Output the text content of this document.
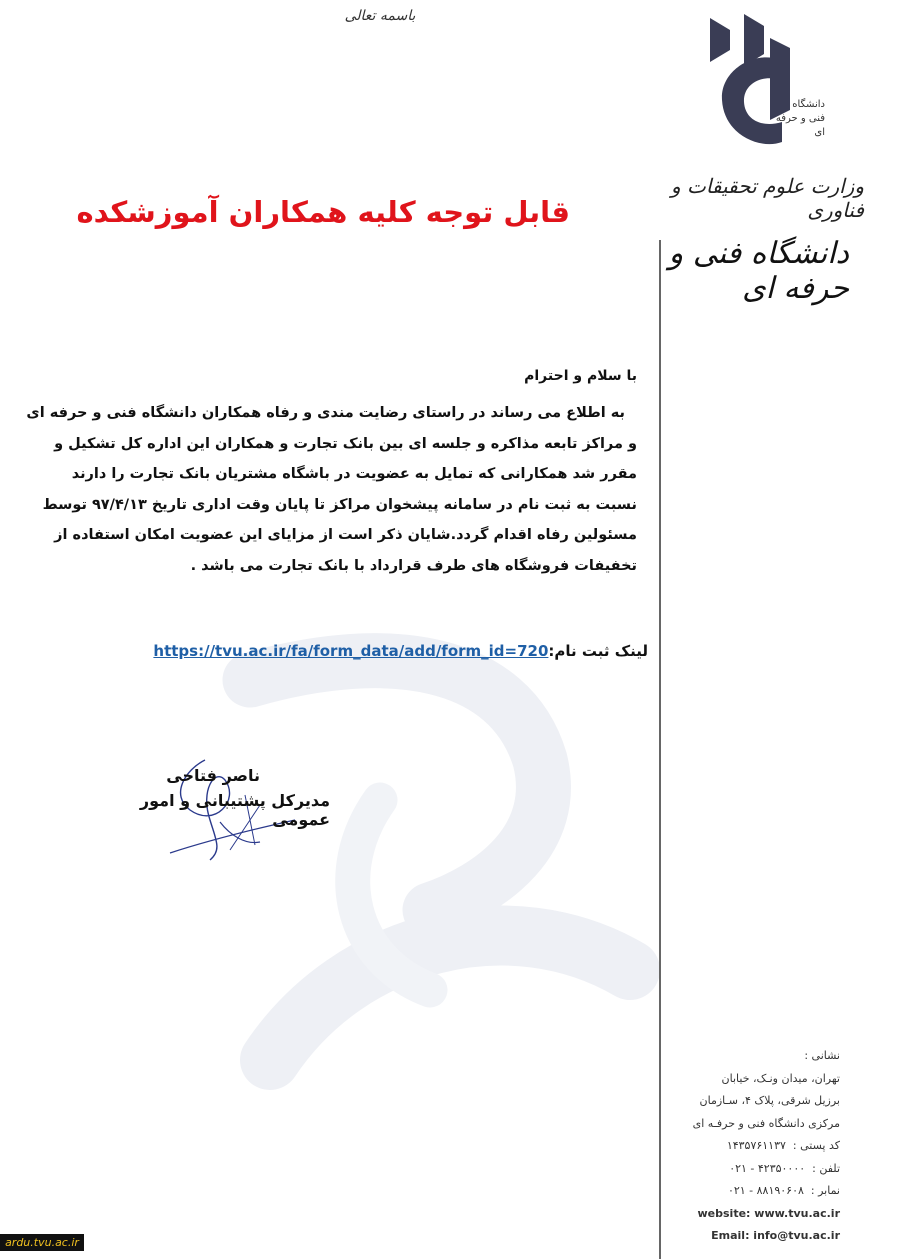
باسمه تعالی
دانشگاه
فنی و حرفه ای
وزارت علوم تحقیقات و فناوری
دانشگاه فنی و حرفه ای
قابل توجه کلیه همکاران آموزشکده
با سلام و احترام
به اطلاع می رساند در راستای رضایت مندی و رفاه همکاران دانشگاه فنی و حرفه ای
و مراکز تابعه مذاکره و جلسه ای بین بانک تجارت و همکاران این اداره کل تشکیل و
مقرر شد همکارانی که تمایل به عضویت در باشگاه مشتریان بانک تجارت را دارند
نسبت به ثبت نام در سامانه پیشخوان مراکز تا پایان وقت اداری تاریخ ۹۷/۴/۱۳ توسط
مسئولین رفاه اقدام گردد.شایان ذکر است از مزایای این عضویت امکان استفاده از
تخفیفات فروشگاه های طرف قرارداد با بانک تجارت می باشد .
لینک ثبت نام:https://tvu.ac.ir/fa/form_data/add/form_id=720
ناصر فتاحی
مدیرکل پشتیبانی و امور عمومی
نشانی :
تهران، میدان ونـک، خیابان
برزیل شرقی، پلاک ۴، سـازمان
مرکزی دانشگاه فنی و حرفـه ای
کد پستی :  ۱۴۳۵۷۶۱۱۳۷
تلفن :  ۰۲۱ - ۴۲۳۵۰۰۰۰
نمابر :  ۰۲۱ - ۸۸۱۹۰۶۰۸
website: www.tvu.ac.ir
Email: info@tvu.ac.ir
ardu.tvu.ac.ir
